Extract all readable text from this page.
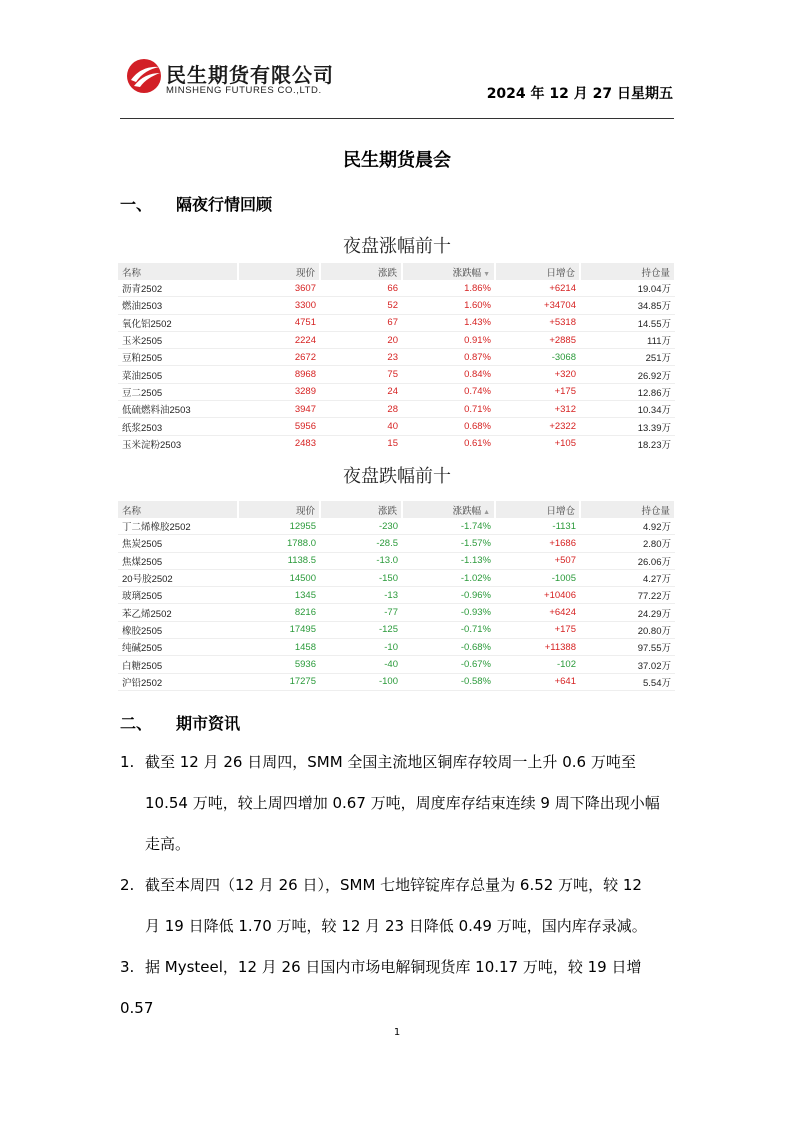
民生期货有限公司
MINSHENG FUTURES CO.,LTD.	2024 年 12 月 27 日星期五
民生期货晨会
一、 隔夜行情回顾
夜盘涨幅前十
名称	现价	涨跌	涨跌幅 ▼	日增仓	持仓量
沥青2502	3607	66	1.86%	+6214	19.04万
燃油2503	3300	52	1.60%	+34704	34.85万
氧化铝2502	4751	67	1.43%	+5318	14.55万
玉米2505	2224	20	0.91%	+2885	111万
豆粕2505	2672	23	0.87%	-3068	251万
菜油2505	8968	75	0.84%	+320	26.92万
豆二2505	3289	24	0.74%	+175	12.86万
低硫燃料油2503	3947	28	0.71%	+312	10.34万
纸浆2503	5956	40	0.68%	+2322	13.39万
玉米淀粉2503	2483	15	0.61%	+105	18.23万
夜盘跌幅前十
名称	现价	涨跌	涨跌幅 ▲	日增仓	持仓量
丁二烯橡胶2502	12955	-230	-1.74%	-1131	4.92万
焦炭2505	1788.0	-28.5	-1.57%	+1686	2.80万
焦煤2505	1138.5	-13.0	-1.13%	+507	26.06万
20号胶2502	14500	-150	-1.02%	-1005	4.27万
玻璃2505	1345	-13	-0.96%	+10406	77.22万
苯乙烯2502	8216	-77	-0.93%	+6424	24.29万
橡胶2505	17495	-125	-0.71%	+175	20.80万
纯碱2505	1458	-10	-0.68%	+11388	97.55万
白糖2505	5936	-40	-0.67%	-102	37.02万
沪铅2502	17275	-100	-0.58%	+641	5.54万
二、 期市资讯
1. 截至 12 月 26 日周四，SMM 全国主流地区铜库存较周一上升 0.6 万吨至
10.54 万吨，较上周四增加 0.67 万吨，周度库存结束连续 9 周下降出现小幅
走高。
2. 截至本周四（12 月 26 日），SMM 七地锌锭库存总量为 6.52 万吨，较 12
月 19 日降低 1.70 万吨，较 12 月 23 日降低 0.49 万吨，国内库存录减。
3. 据 Mysteel，12 月 26 日国内市场电解铜现货库 10.17 万吨，较 19 日增 0.57
1
